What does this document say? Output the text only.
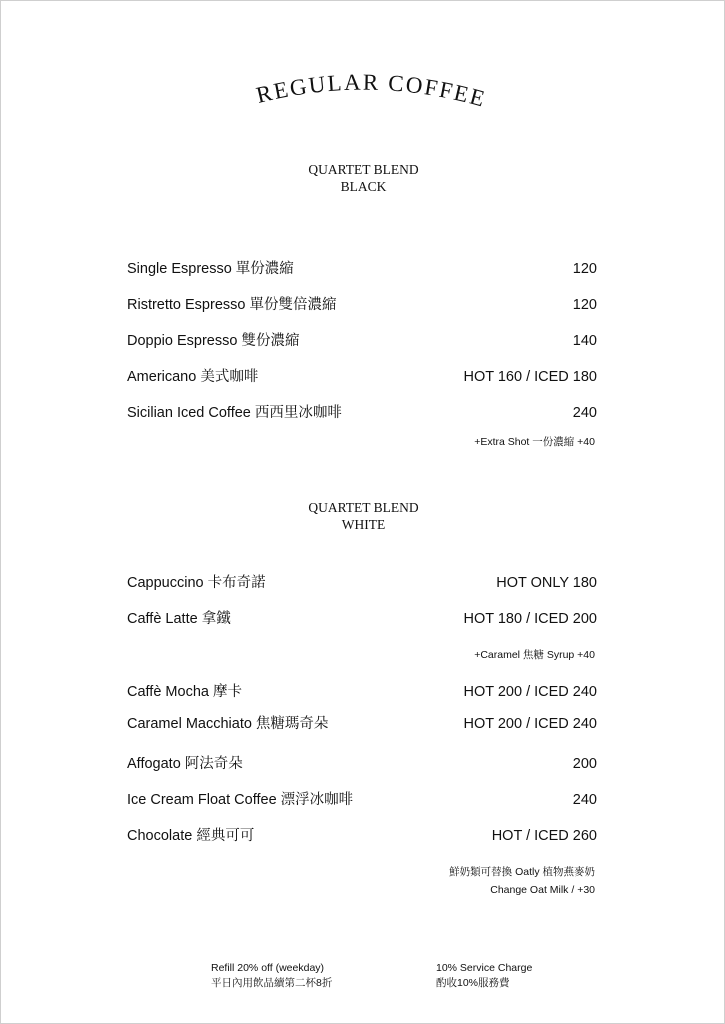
REGULAR COFFEE
QUARTET BLEND
BLACK
Single Espresso 單份濃縮	120
Ristretto Espresso 單份雙倍濃縮	120
Doppio Espresso 雙份濃縮	140
Americano 美式咖啡	HOT 160 / ICED 180
Sicilian Iced Coffee 西西里冰咖啡	240
+Extra Shot 一份濃縮 +40
QUARTET BLEND
WHITE
Cappuccino 卡布奇諾	HOT ONLY 180
Caffè Latte 拿鐵	HOT 180 / ICED 200
+Caramel 焦糖 Syrup +40
Caffè Mocha 摩卡	HOT 200 / ICED 240
Caramel Macchiato 焦糖瑪奇朵	HOT 200 / ICED 240
Affogato 阿法奇朵	200
Ice Cream Float Coffee 漂浮冰咖啡	240
Chocolate 經典可可	HOT / ICED 260
鮮奶類可替換 Oatly 植物燕麥奶
Change Oat Milk / +30
Refill 20% off (weekday)
平日內用飲品續第二杯8折
10% Service Charge
酌收10%服務費
